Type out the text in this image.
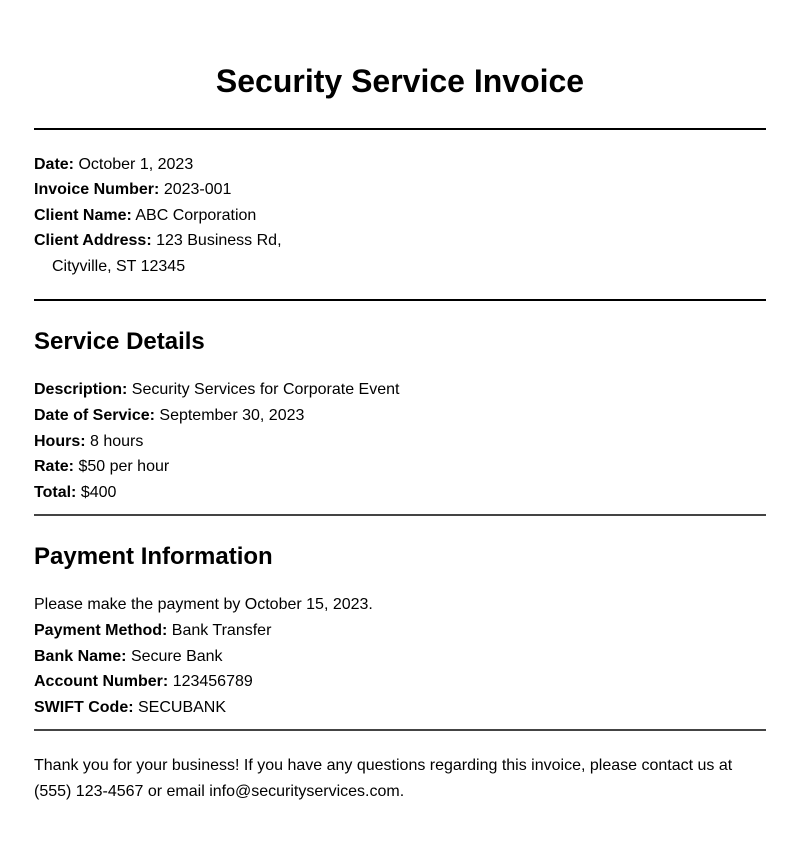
Security Service Invoice
Date: October 1, 2023
Invoice Number: 2023-001
Client Name: ABC Corporation
Client Address: 123 Business Rd,
Cityville, ST 12345
Service Details
Description: Security Services for Corporate Event
Date of Service: September 30, 2023
Hours: 8 hours
Rate: $50 per hour
Total: $400
Payment Information
Please make the payment by October 15, 2023.
Payment Method: Bank Transfer
Bank Name: Secure Bank
Account Number: 123456789
SWIFT Code: SECUBANK
Thank you for your business! If you have any questions regarding this invoice, please contact us at (555) 123-4567 or email info@securityservices.com.
